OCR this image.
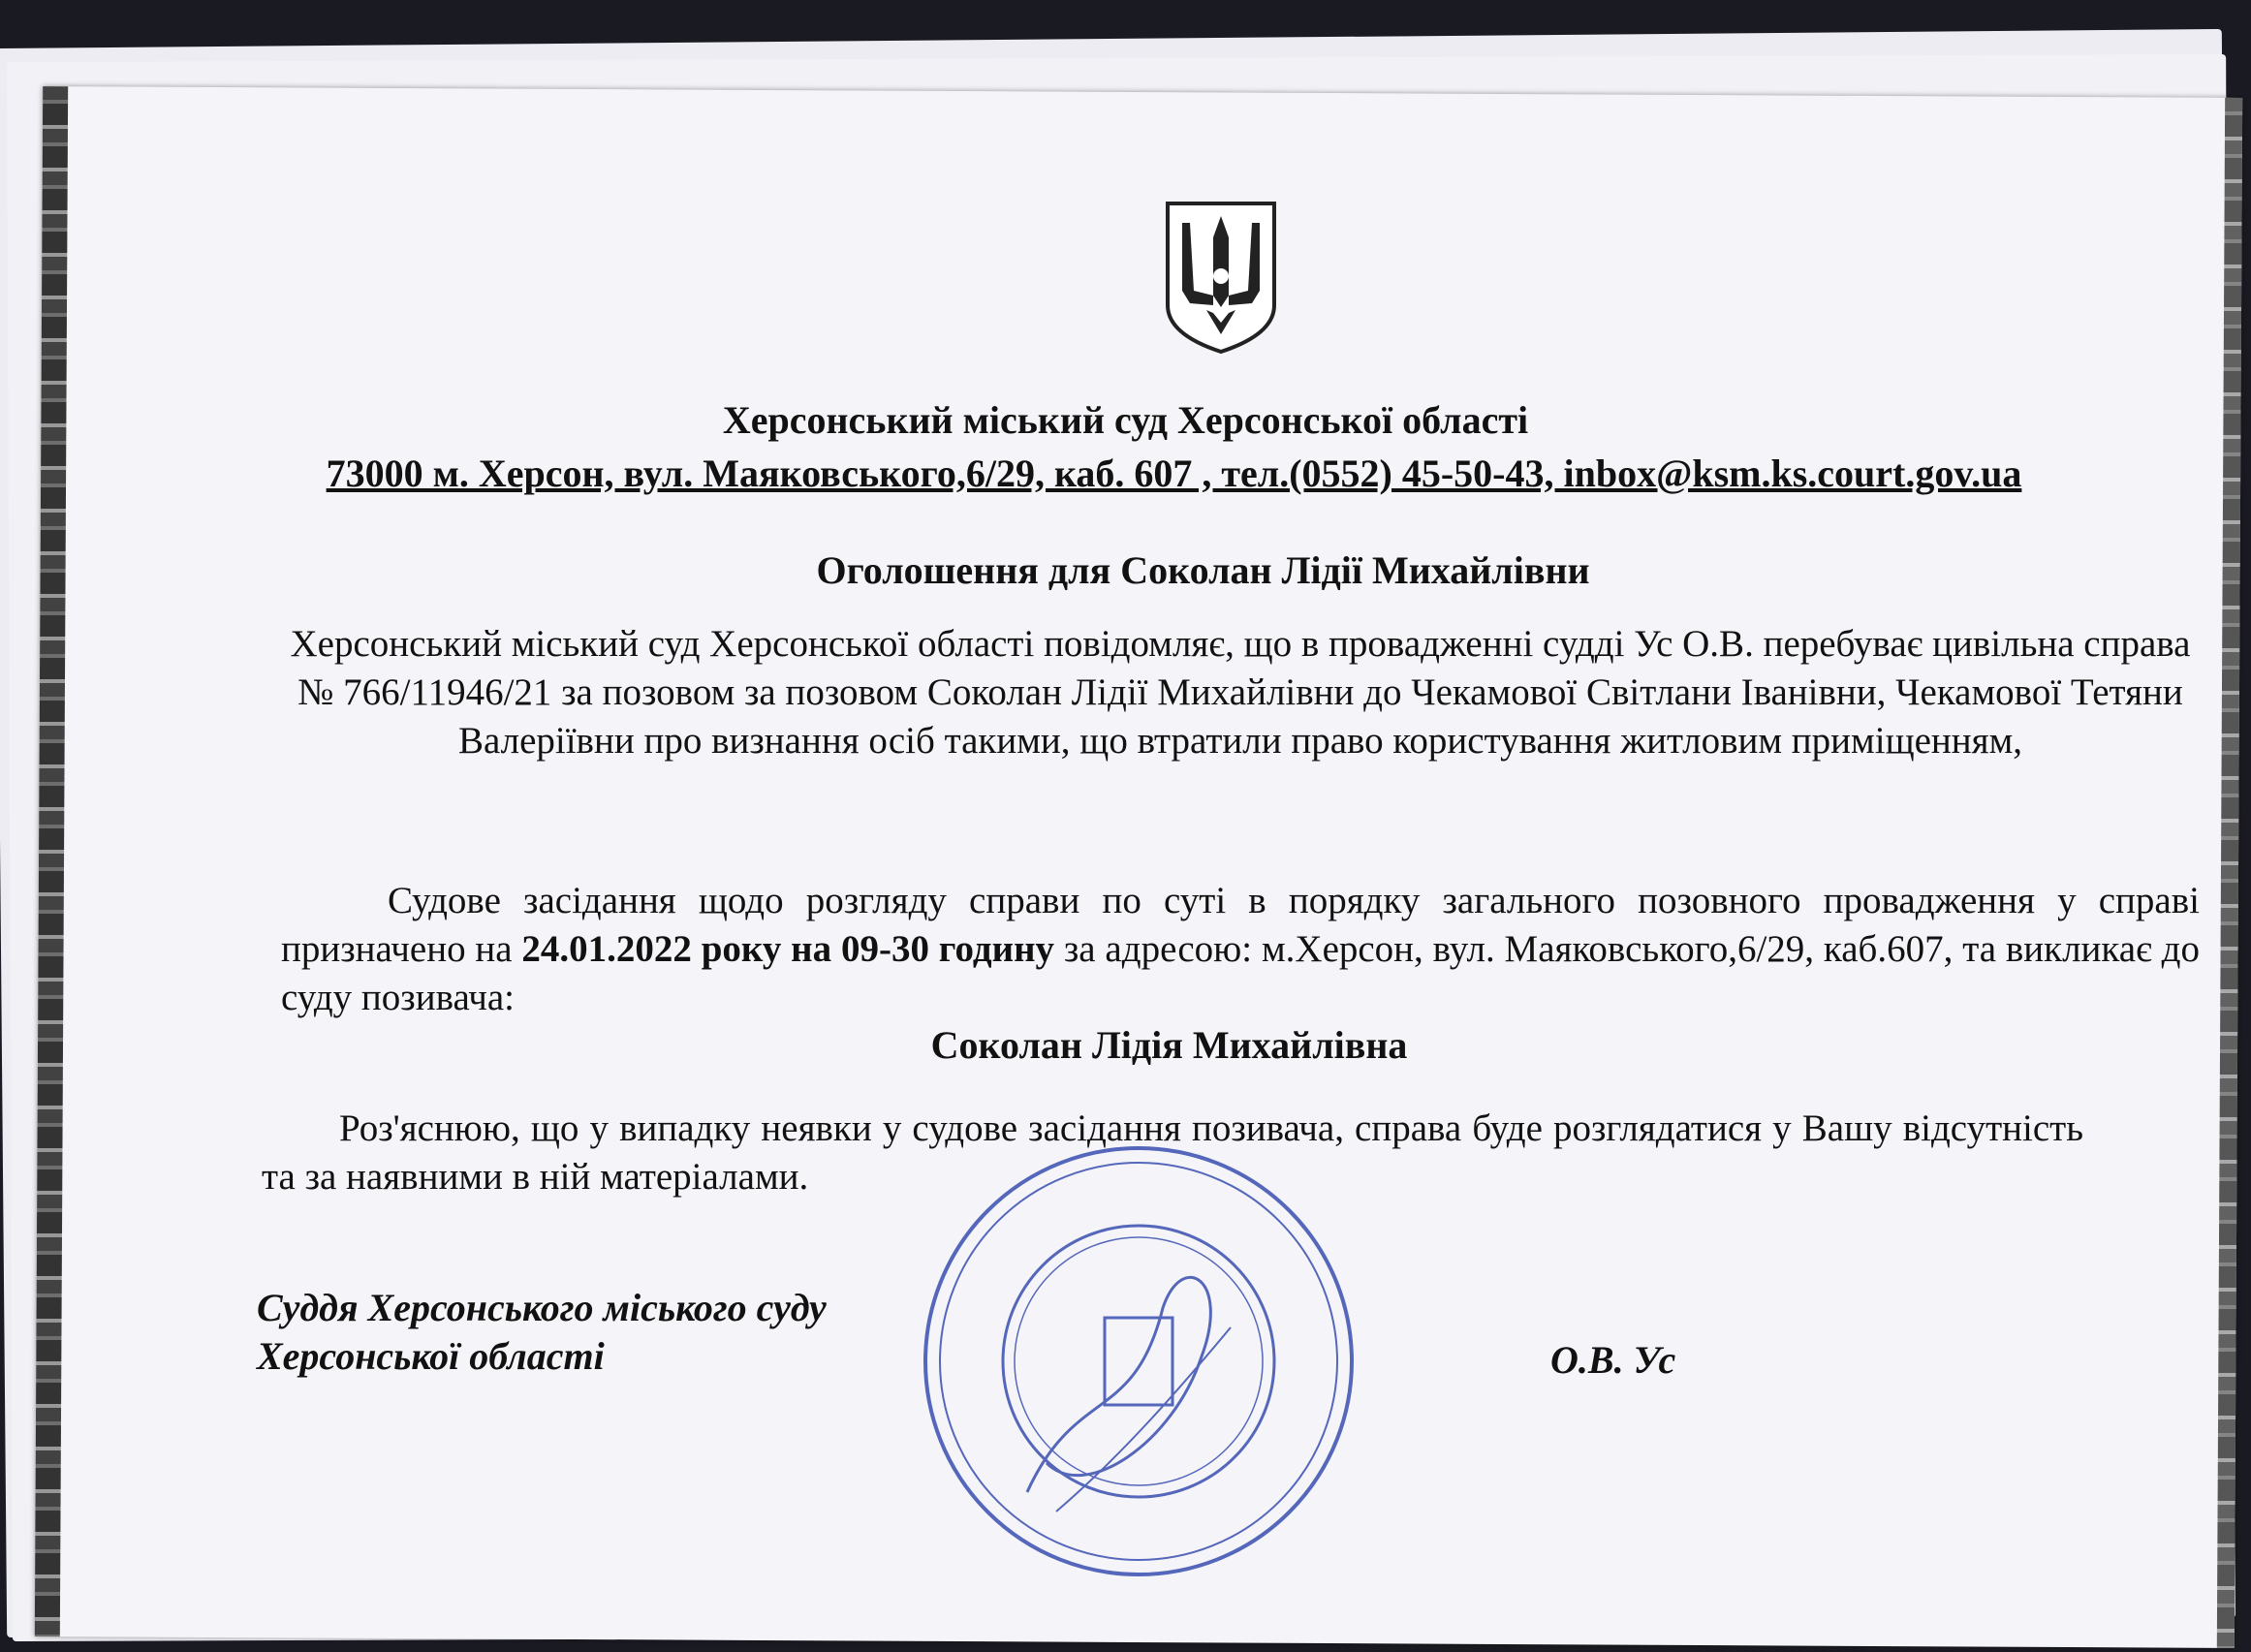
Херсонський міський суд Херсонської області
73000 м. Херсон, вул. Маяковського,6/29, каб. 607 , тел.(0552) 45-50-43, inbox@ksm.ks.court.gov.ua
Оголошення для Соколан Лідії Михайлівни
Херсонський міський суд Херсонської області повідомляє, що в провадженні судді Ус О.В. перебуває цивільна справа № 766/11946/21 за позовом за позовом Соколан Лідії Михайлівни до Чекамової Світлани Іванівни, Чекамової Тетяни Валеріївни про визнання осіб такими, що втратили право користування житловим приміщенням,
Судове засідання щодо розгляду справи по суті в порядку загального позовного провадження у справі призначено на 24.01.2022 року на 09-30 годину за адресою: м.Херсон, вул. Маяковського,6/29, каб.607, та викликає до суду позивача:
Соколан Лідія Михайлівна
Роз'яснюю, що у випадку неявки у судове засідання позивача, справа буде розглядатися у Вашу відсутність та за наявними в ній матеріалами.
Суддя Херсонського міського суду
Херсонської області	О.В. Ус
